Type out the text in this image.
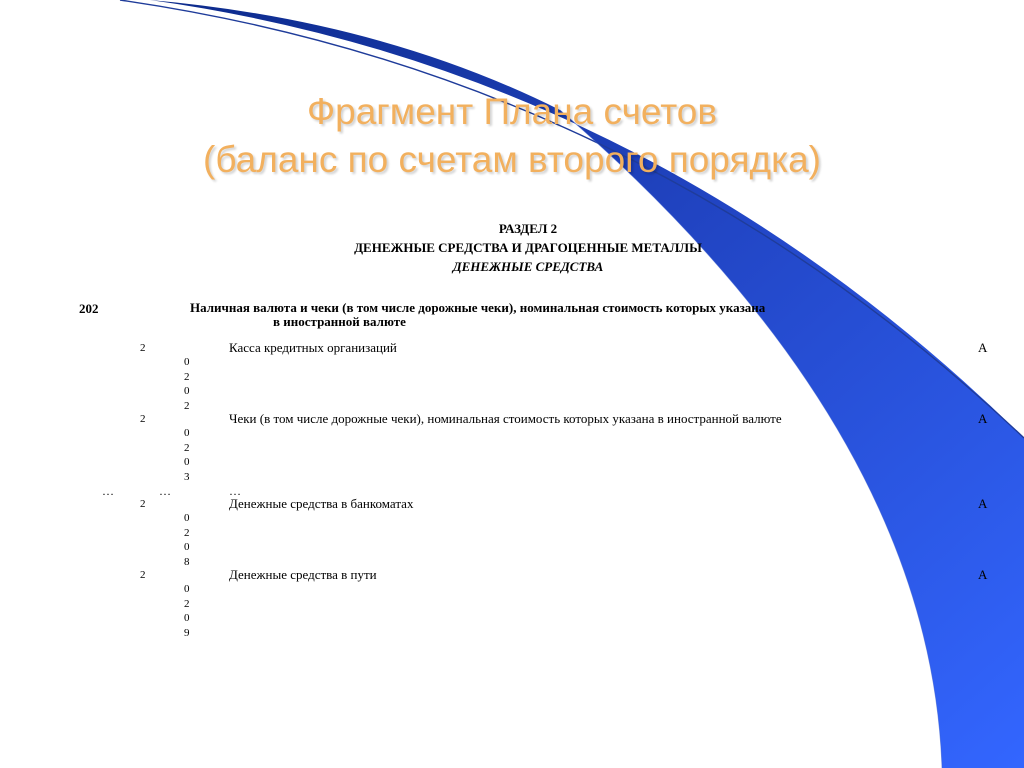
Фрагмент Плана счетов
(баланс по счетам второго порядка)
РАЗДЕЛ 2
ДЕНЕЖНЫЕ СРЕДСТВА И ДРАГОЦЕННЫЕ МЕТАЛЛЫ
ДЕНЕЖНЫЕ СРЕДСТВА
202	Наличная валюта и чеки (в том числе дорожные чеки), номинальная стоимость которых указана
в иностранной валюте
2
0
2
0
2
Касса кредитных организаций	А
2
0
2
0
3
Чеки (в том числе дорожные чеки), номинальная стоимость которых указана в иностранной валюте	А
…	…	…
2
0
2
0
8
Денежные средства в банкоматах	А
2
0
2
0
9
Денежные средства в пути	А
